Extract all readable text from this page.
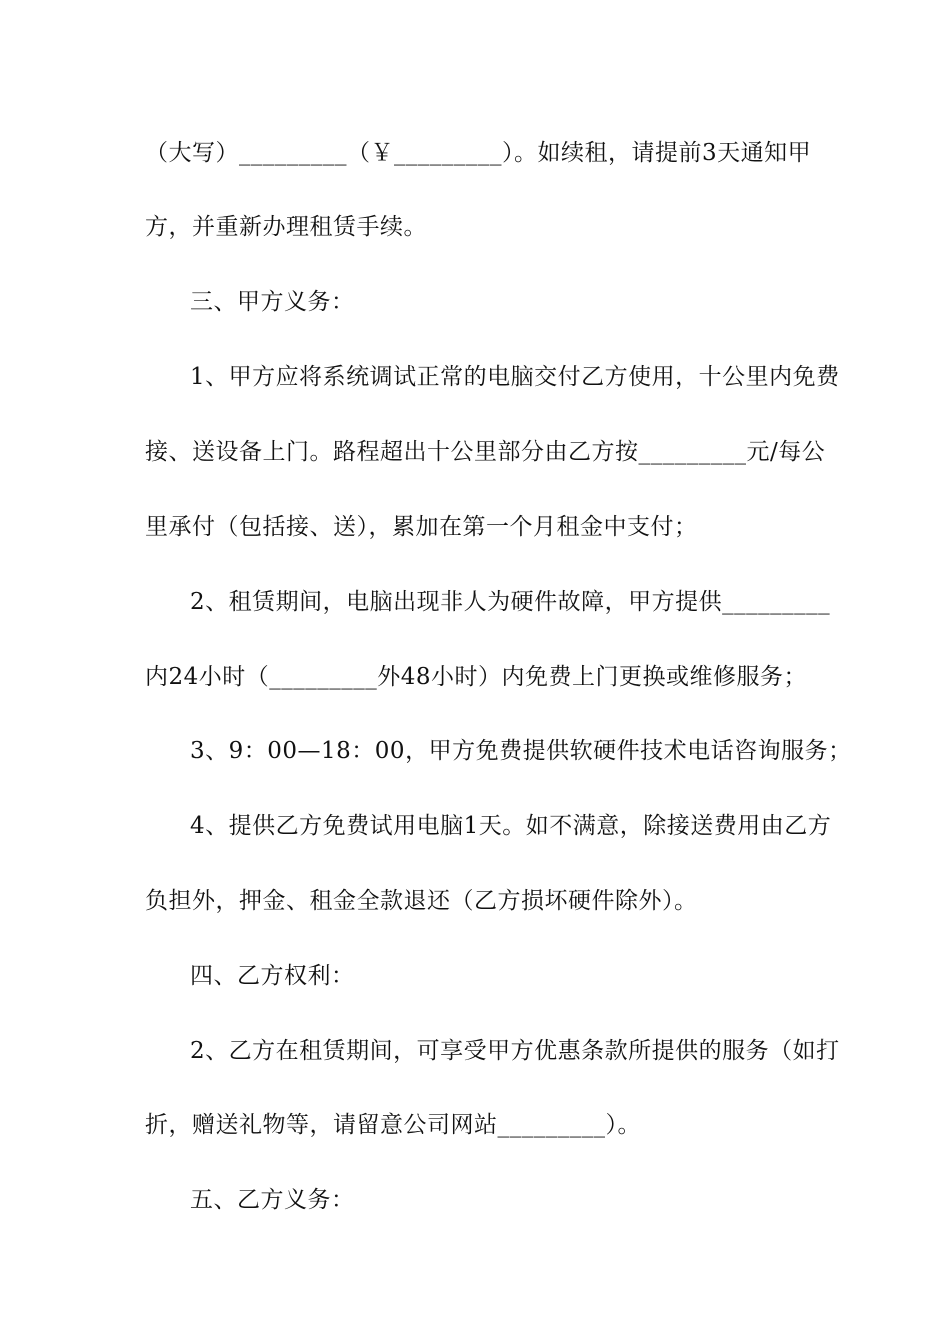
（大写）_________（￥_________）。如续租，请提前3天通知甲
方，并重新办理租赁手续。
三、甲方义务：
1、甲方应将系统调试正常的电脑交付乙方使用，十公里内免费
接、送设备上门。路程超出十公里部分由乙方按_________元/每公
里承付（包括接、送），累加在第一个月租金中支付；
2、租赁期间，电脑出现非人为硬件故障，甲方提供_________
内24小时（_________外48小时）内免费上门更换或维修服务；
3、9：00—18：00，甲方免费提供软硬件技术电话咨询服务；
4、提供乙方免费试用电脑1天。如不满意，除接送费用由乙方
负担外，押金、租金全款退还（乙方损坏硬件除外）。
四、乙方权利：
2、乙方在租赁期间，可享受甲方优惠条款所提供的服务（如打
折，赠送礼物等，请留意公司网站_________）。
五、乙方义务：
